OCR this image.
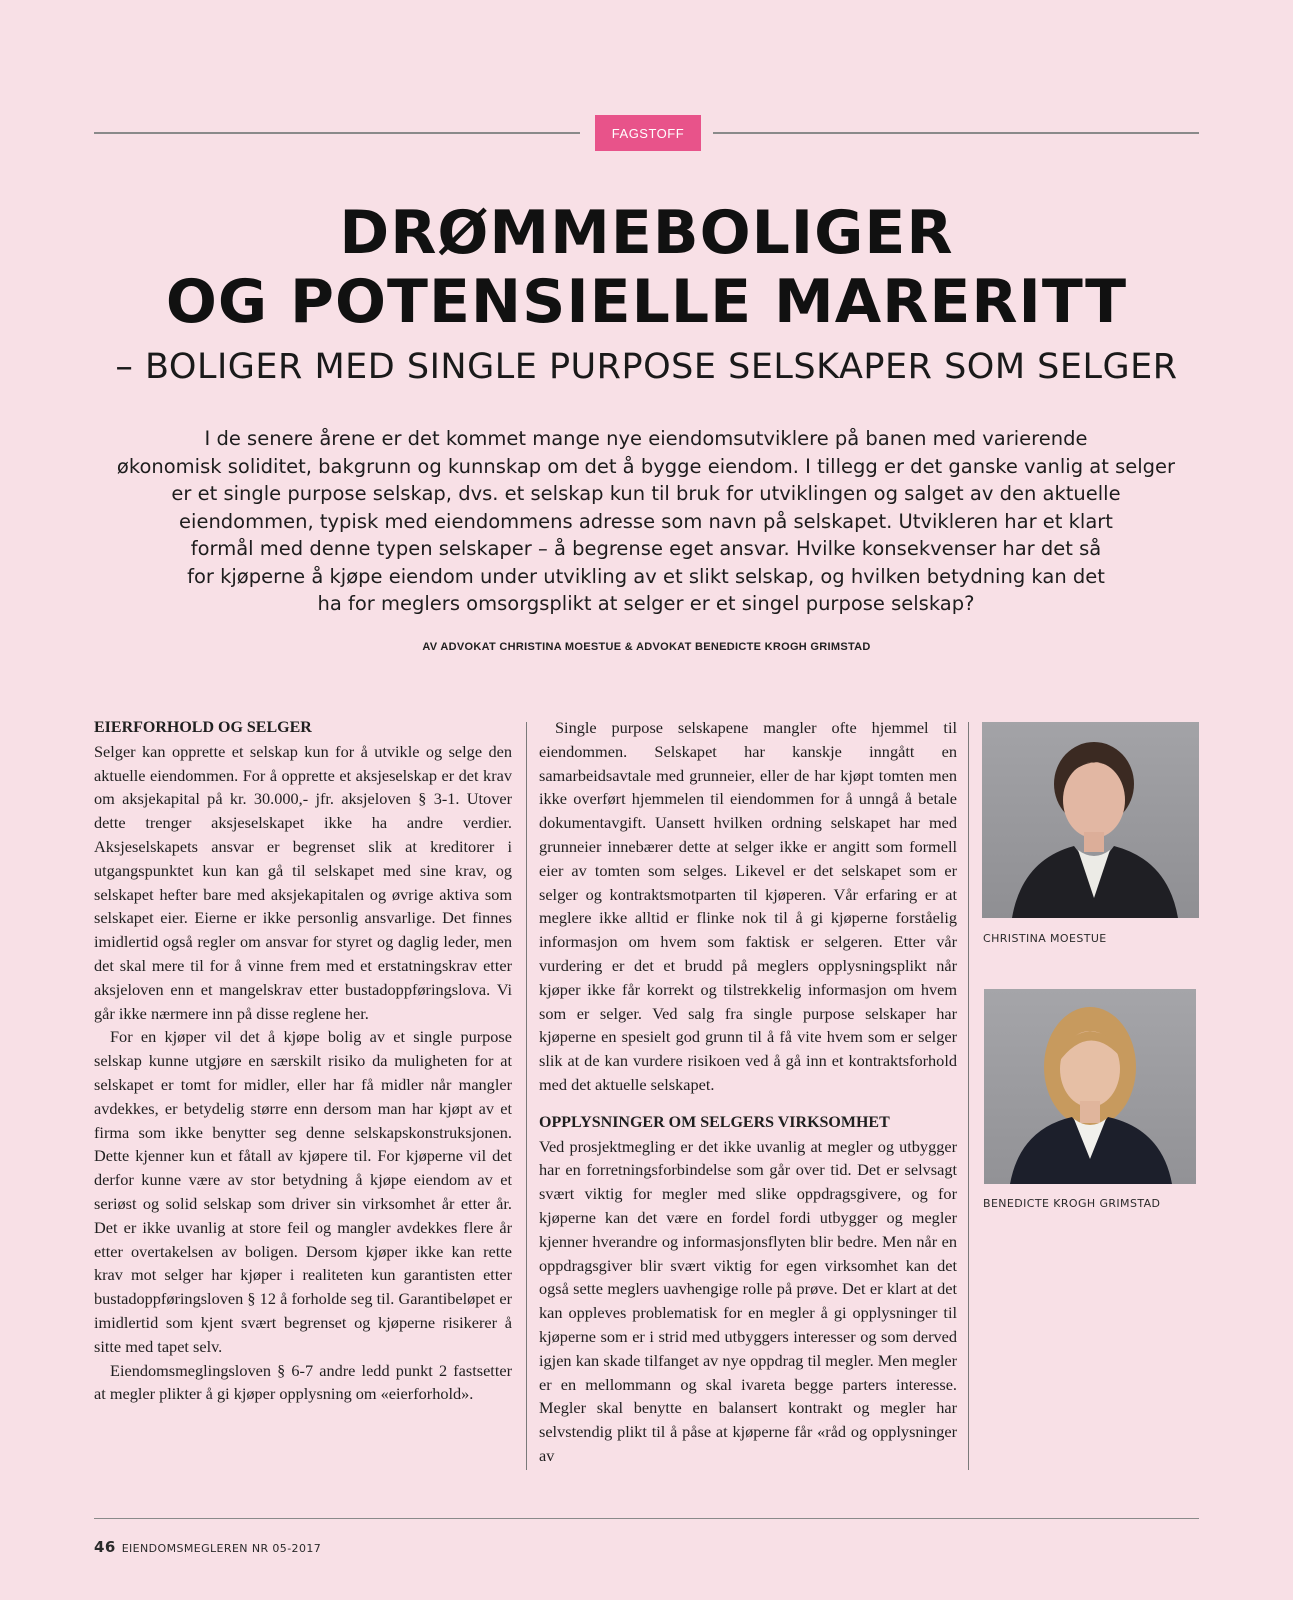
FAGSTOFF
DRØMMEBOLIGER
OG POTENSIELLE MARERITT
– BOLIGER MED SINGLE PURPOSE SELSKAPER SOM SELGER
I de senere årene er det kommet mange nye eiendomsutviklere på banen med varierende
økonomisk soliditet, bakgrunn og kunnskap om det å bygge eiendom. I tillegg er det ganske vanlig at selger
er et single purpose selskap, dvs. et selskap kun til bruk for utviklingen og salget av den aktuelle
eiendommen, typisk med eiendommens adresse som navn på selskapet. Utvikleren har et klart
formål med denne typen selskaper – å begrense eget ansvar. Hvilke konsekvenser har det så
for kjøperne å kjøpe eiendom under utvikling av et slikt selskap, og hvilken betydning kan det
ha for meglers omsorgsplikt at selger er et singel purpose selskap?
AV ADVOKAT CHRISTINA MOESTUE & ADVOKAT BENEDICTE KROGH GRIMSTAD
EIERFORHOLD OG SELGER

Selger kan opprette et selskap kun for å utvikle og selge den aktuelle eiendommen. For å opprette et aksjeselskap er det krav om aksjekapital på kr. 30.000,- jfr. aksjeloven § 3-1. Utover dette trenger aksjeselskapet ikke ha andre verdier. Aksjeselskapets ansvar er begrenset slik at kreditorer i utgangspunktet kun kan gå til selskapet med sine krav, og selskapet hefter bare med aksjekapitalen og øvrige aktiva som selskapet eier. Eierne er ikke personlig ansvarlige. Det finnes imidlertid også regler om ansvar for styret og daglig leder, men det skal mere til for å vinne frem med et erstatningskrav etter aksjeloven enn et mangelskrav etter bustadoppføringslova. Vi går ikke nærmere inn på disse reglene her.

For en kjøper vil det å kjøpe bolig av et single purpose selskap kunne utgjøre en særskilt risiko da muligheten for at selskapet er tomt for midler, eller har få midler når mangler avdekkes, er betydelig større enn dersom man har kjøpt av et firma som ikke benytter seg denne selskapskonstruksjonen. Dette kjenner kun et fåtall av kjøpere til. For kjøperne vil det derfor kunne være av stor betydning å kjøpe eiendom av et seriøst og solid selskap som driver sin virksomhet år etter år. Det er ikke uvanlig at store feil og mangler avdekkes flere år etter overtakelsen av boligen. Dersom kjøper ikke kan rette krav mot selger har kjøper i realiteten kun garantisten etter bustadoppføringsloven § 12 å forholde seg til. Garantibeløpet er imidlertid som kjent svært begrenset og kjøperne risikerer å sitte med tapet selv.

Eiendomsmeglingsloven § 6-7 andre ledd punkt 2 fastsetter at megler plikter å gi kjøper opplysning om «eierforhold».

Single purpose selskapene mangler ofte hjemmel til eiendommen. Selskapet har kanskje inngått en samarbeidsavtale med grunneier, eller de har kjøpt tomten men ikke overført hjemmelen til eiendommen for å unngå å betale dokumentavgift. Uansett hvilken ordning selskapet har med grunneier innebærer dette at selger ikke er angitt som formell eier av tomten som selges. Likevel er det selskapet som er selger og kontraktsmotparten til kjøperen. Vår erfaring er at meglere ikke alltid er flinke nok til å gi kjøperne forståelig informasjon om hvem som faktisk er selgeren. Etter vår vurdering er det et brudd på meglers opplysningsplikt når kjøper ikke får korrekt og tilstrekkelig informasjon om hvem som er selger. Ved salg fra single purpose selskaper har kjøperne en spesielt god grunn til å få vite hvem som er selger slik at de kan vurdere risikoen ved å gå inn et kontraktsforhold med det aktuelle selskapet.

OPPLYSNINGER OM SELGERS VIRKSOMHET

Ved prosjektmegling er det ikke uvanlig at megler og utbygger har en forretningsforbindelse som går over tid. Det er selvsagt svært viktig for megler med slike oppdragsgivere, og for kjøperne kan det være en fordel fordi utbygger og megler kjenner hverandre og informasjonsflyten blir bedre. Men når en oppdragsgiver blir svært viktig for egen virksomhet kan det også sette meglers uavhengige rolle på prøve. Det er klart at det kan oppleves problematisk for en megler å gi opplysninger til kjøperne som er i strid med utbyggers interesser og som derved igjen kan skade tilfanget av nye oppdrag til megler. Men megler er en mellommann og skal ivareta begge parters interesse. Megler skal benytte en balansert kontrakt og megler har selvstendig plikt til å påse at kjøperne får «råd og opplysninger av

CHRISTINA MOESTUE
BENEDICTE KROGH GRIMSTAD
46 EIENDOMSMEGLEREN NR 05-2017
